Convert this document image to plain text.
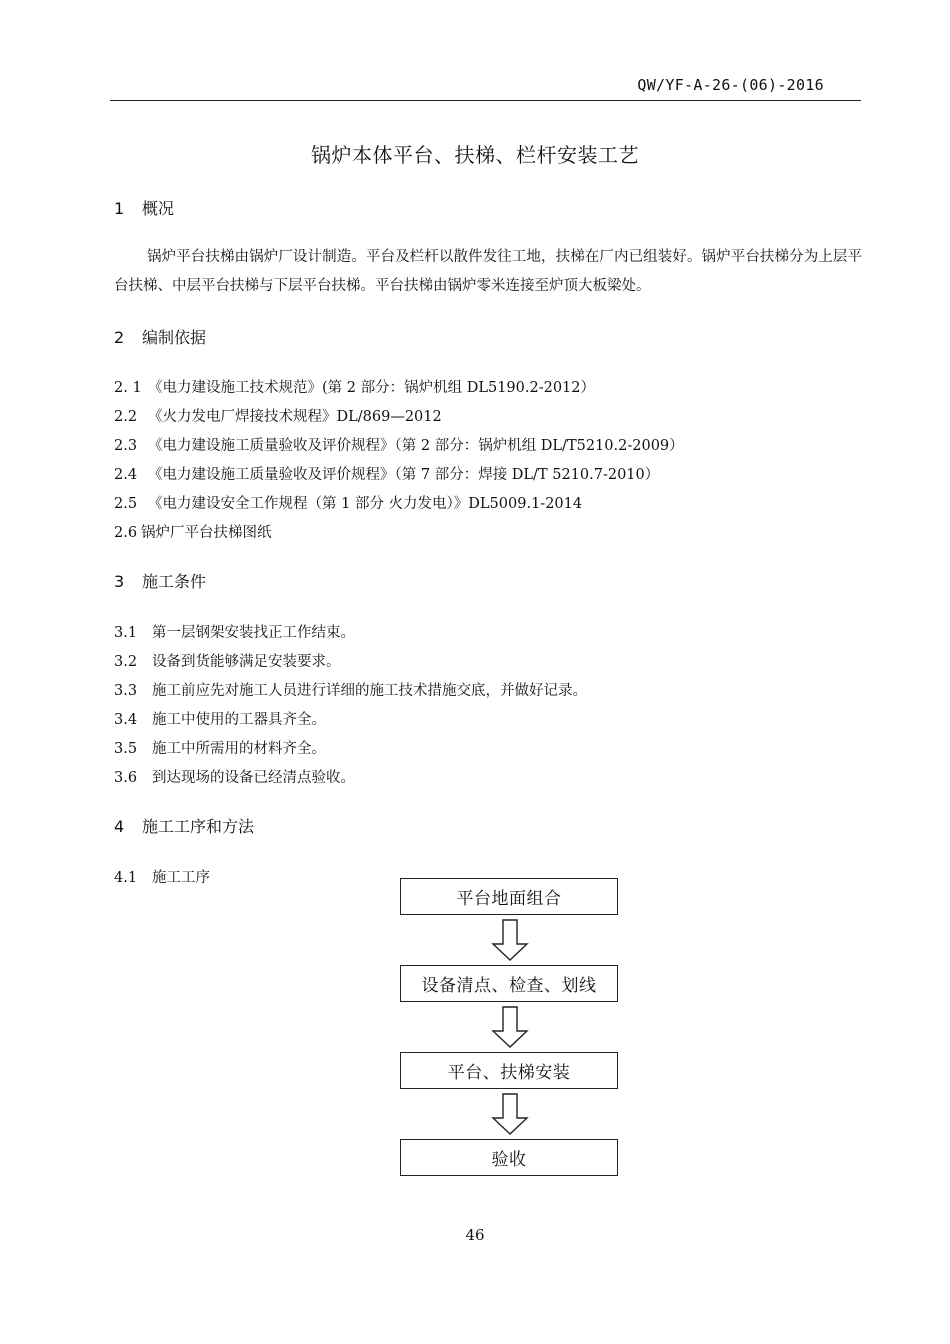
QW/YF-A-26-(06)-2016
锅炉本体平台、扶梯、栏杆安装工艺
1 概况
锅炉平台扶梯由锅炉厂设计制造。平台及栏杆以散件发往工地，扶梯在厂内已组装好。锅炉平台扶梯分为上层平台扶梯、中层平台扶梯与下层平台扶梯。平台扶梯由锅炉零米连接至炉顶大板梁处。
2 编制依据
2. 1 《电力建设施工技术规范》(第 2 部分：锅炉机组 DL5190.2-2012）
2.2 《火力发电厂焊接技术规程》DL/869—2012
2.3 《电力建设施工质量验收及评价规程》（第 2 部分：锅炉机组 DL/T5210.2-2009）
2.4 《电力建设施工质量验收及评价规程》（第 7 部分：焊接 DL/T 5210.7-2010）
2.5 《电力建设安全工作规程（第 1 部分 火力发电）》DL5009.1-2014
2.6 锅炉厂平台扶梯图纸
3 施工条件
3.1 第一层钢架安装找正工作结束。
3.2 设备到货能够满足安装要求。
3.3 施工前应先对施工人员进行详细的施工技术措施交底，并做好记录。
3.4 施工中使用的工器具齐全。
3.5 施工中所需用的材料齐全。
3.6 到达现场的设备已经清点验收。
4 施工工序和方法
4.1 施工工序
平台地面组合
设备清点、检查、划线
平台、扶梯安装
验收
46
